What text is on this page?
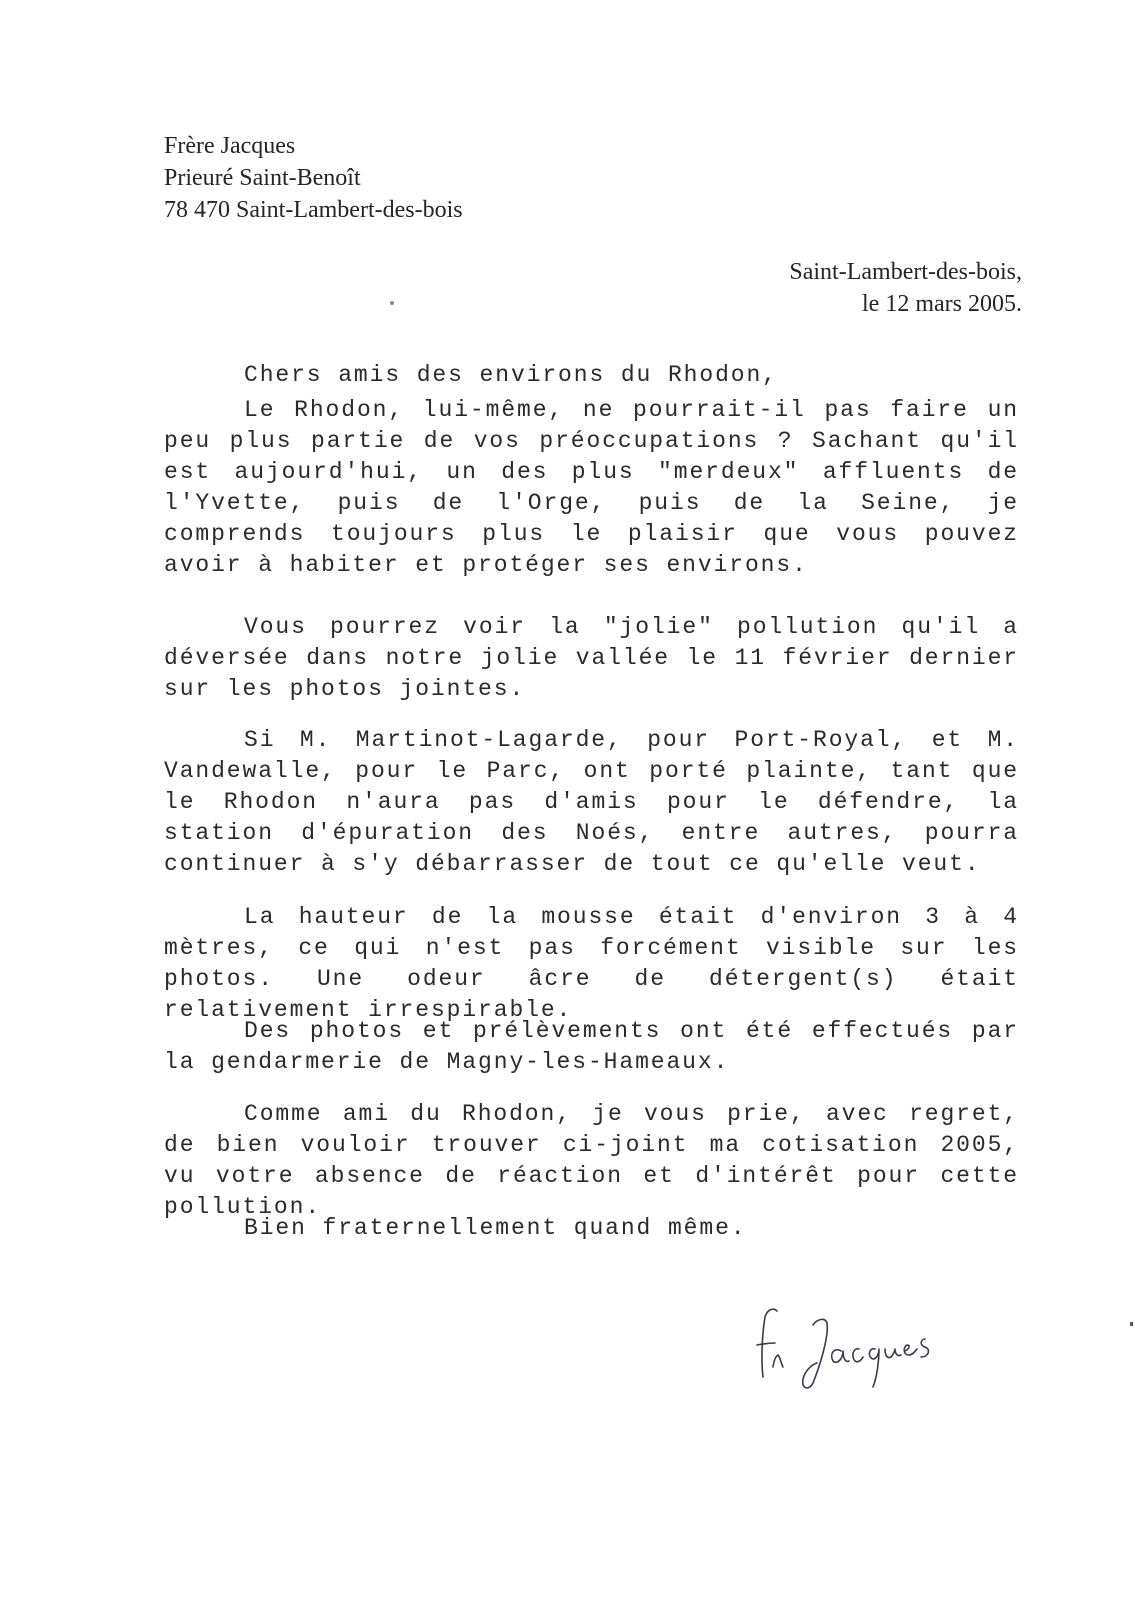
Frère Jacques
Prieuré Saint-Benoît
78 470 Saint-Lambert-des-bois
Saint-Lambert-des-bois,
le 12 mars 2005.
Chers amis des environs du Rhodon,

Le Rhodon, lui-même, ne pourrait-il pas faire un peu plus partie de vos préoccupations ? Sachant qu'il est aujourd'hui, un des plus "merdeux" affluents de l'Yvette, puis de l'Orge, puis de la Seine, je comprends toujours plus le plaisir que vous pouvez avoir à habiter et protéger ses environs.

Vous pourrez voir la "jolie" pollution qu'il a déversée dans notre jolie vallée le 11 février dernier sur les photos jointes.

Si M. Martinot-Lagarde, pour Port-Royal, et M. Vandewalle, pour le Parc, ont porté plainte, tant que le Rhodon n'aura pas d'amis pour le défendre, la station d'épuration des Noés, entre autres, pourra continuer à s'y débarrasser de tout ce qu'elle veut.

La hauteur de la mousse était d'environ 3 à 4 mètres, ce qui n'est pas forcément visible sur les photos. Une odeur âcre de détergent(s) était relativement irrespirable.

Des photos et prélèvements ont été effectués par la gendarmerie de Magny-les-Hameaux.

Comme ami du Rhodon, je vous prie, avec regret, de bien vouloir trouver ci-joint ma cotisation 2005, vu votre absence de réaction et d'intérêt pour cette pollution.

Bien fraternellement quand même.
